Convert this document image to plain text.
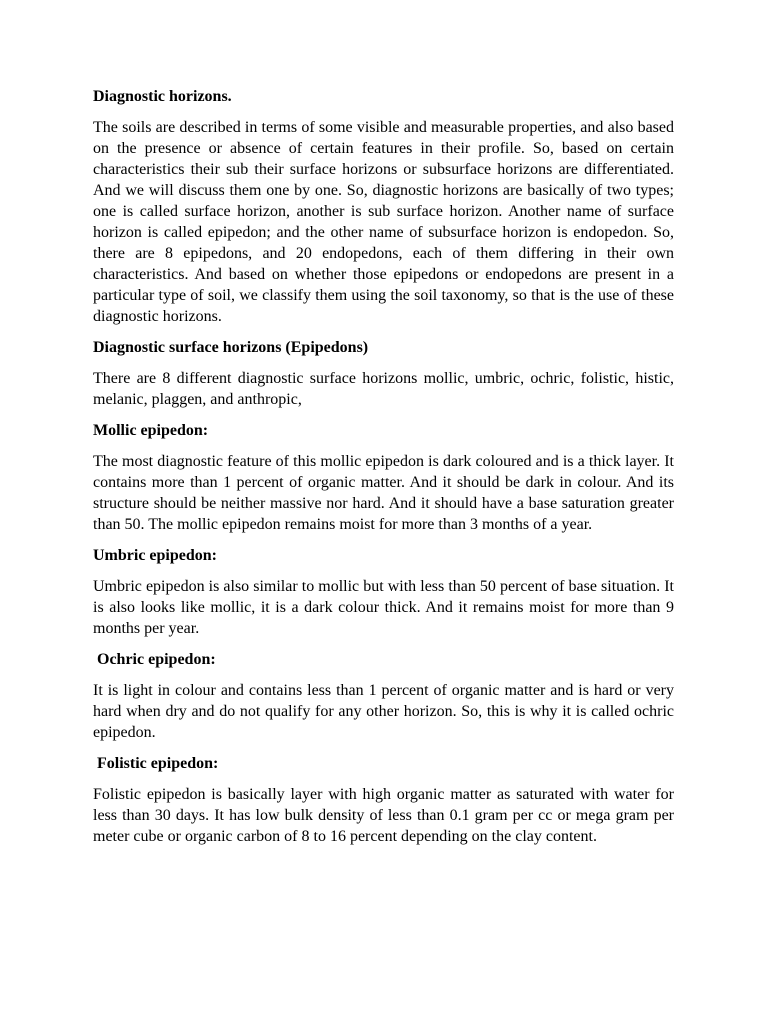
Diagnostic horizons.
The soils are described in terms of some visible and measurable properties, and also based on the presence or absence of certain features in their profile. So, based on certain characteristics their sub their surface horizons or subsurface horizons are differentiated. And we will discuss them one by one. So, diagnostic horizons are basically of two types; one is called surface horizon, another is sub surface horizon. Another name of surface horizon is called epipedon; and the other name of subsurface horizon is endopedon. So, there are 8 epipedons, and 20 endopedons, each of them differing in their own characteristics. And based on whether those epipedons or endopedons are present in a particular type of soil, we classify them using the soil taxonomy, so that is the use of these diagnostic horizons.
Diagnostic surface horizons (Epipedons)
There are 8 different diagnostic surface horizons mollic, umbric, ochric, folistic, histic, melanic, plaggen, and anthropic,
Mollic epipedon:
The most diagnostic feature of this mollic epipedon is dark coloured and is a thick layer. It contains more than 1 percent of organic matter. And it should be dark in colour. And its structure should be neither massive nor hard. And it should have a base saturation greater than 50. The mollic epipedon remains moist for more than 3 months of a year.
Umbric epipedon:
Umbric epipedon is also similar to mollic but with less than 50 percent of base situation. It is also looks like mollic, it is a dark colour thick. And it remains moist for more than 9 months per year.
Ochric epipedon:
It is light in colour and contains less than 1 percent of organic matter and is hard or very hard when dry and do not qualify for any other horizon. So, this is why it is called ochric epipedon.
Folistic epipedon:
Folistic epipedon is basically layer with high organic matter as saturated with water for less than 30 days. It has low bulk density of less than 0.1 gram per cc or mega gram per meter cube or organic carbon of 8 to 16 percent depending on the clay content.
